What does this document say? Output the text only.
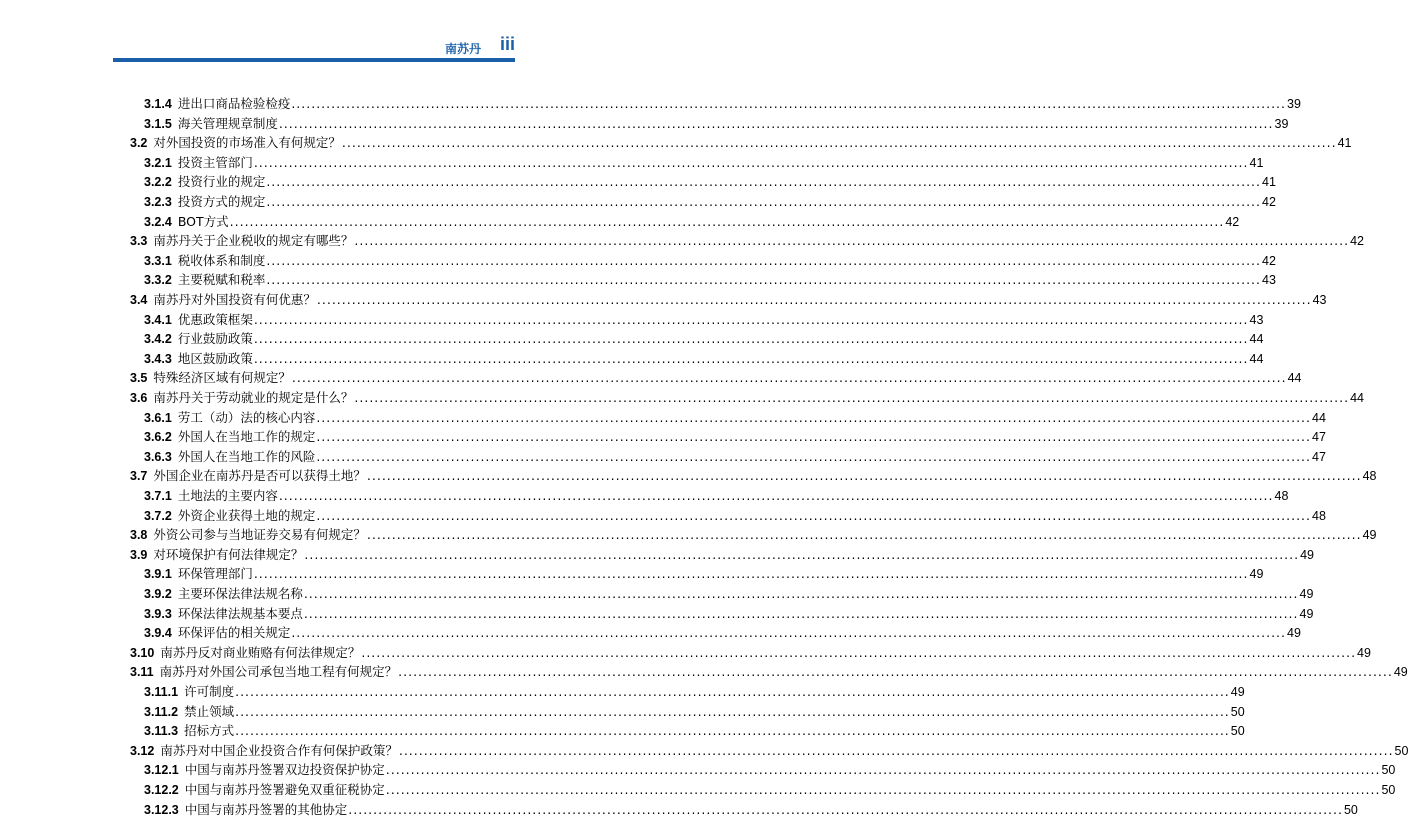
南苏丹 iii
3.1.4 进出口商品检验检疫 ........................................................................................................................................................................................................ 39
3.1.5 海关管理规章制度 ........................................................................................................................................................................................................ 39
3.2 对外国投资的市场准入有何规定？ ........................................................................................................................................................................................................ 41
3.2.1 投资主管部门 ........................................................................................................................................................................................................ 41
3.2.2 投资行业的规定 ........................................................................................................................................................................................................ 41
3.2.3 投资方式的规定 ........................................................................................................................................................................................................ 42
3.2.4 BOT方式 ........................................................................................................................................................................................................ 42
3.3 南苏丹关于企业税收的规定有哪些？ ........................................................................................................................................................................................................ 42
3.3.1 税收体系和制度 ........................................................................................................................................................................................................ 42
3.3.2 主要税赋和税率 ........................................................................................................................................................................................................ 43
3.4 南苏丹对外国投资有何优惠？ ........................................................................................................................................................................................................ 43
3.4.1 优惠政策框架 ........................................................................................................................................................................................................ 43
3.4.2 行业鼓励政策 ........................................................................................................................................................................................................ 44
3.4.3 地区鼓励政策 ........................................................................................................................................................................................................ 44
3.5 特殊经济区域有何规定？ ........................................................................................................................................................................................................ 44
3.6 南苏丹关于劳动就业的规定是什么？ ........................................................................................................................................................................................................ 44
3.6.1 劳工（动）法的核心内容 ........................................................................................................................................................................................................ 44
3.6.2 外国人在当地工作的规定 ........................................................................................................................................................................................................ 47
3.6.3 外国人在当地工作的风险 ........................................................................................................................................................................................................ 47
3.7 外国企业在南苏丹是否可以获得土地？ ........................................................................................................................................................................................................ 48
3.7.1 土地法的主要内容 ........................................................................................................................................................................................................ 48
3.7.2 外资企业获得土地的规定 ........................................................................................................................................................................................................ 48
3.8 外资公司参与当地证券交易有何规定？ ........................................................................................................................................................................................................ 49
3.9 对环境保护有何法律规定？ ........................................................................................................................................................................................................ 49
3.9.1 环保管理部门 ........................................................................................................................................................................................................ 49
3.9.2 主要环保法律法规名称 ........................................................................................................................................................................................................ 49
3.9.3 环保法律法规基本要点 ........................................................................................................................................................................................................ 49
3.9.4 环保评估的相关规定 ........................................................................................................................................................................................................ 49
3.10 南苏丹反对商业贿赂有何法律规定？ ........................................................................................................................................................................................................ 49
3.11 南苏丹对外国公司承包当地工程有何规定？ ........................................................................................................................................................................................................ 49
3.11.1 许可制度 ........................................................................................................................................................................................................ 49
3.11.2 禁止领域 ........................................................................................................................................................................................................ 50
3.11.3 招标方式 ........................................................................................................................................................................................................ 50
3.12 南苏丹对中国企业投资合作有何保护政策？ ........................................................................................................................................................................................................ 50
3.12.1 中国与南苏丹签署双边投资保护协定 ........................................................................................................................................................................................................ 50
3.12.2 中国与南苏丹签署避免双重征税协定 ........................................................................................................................................................................................................ 50
3.12.3 中国与南苏丹签署的其他协定 ........................................................................................................................................................................................................ 50
